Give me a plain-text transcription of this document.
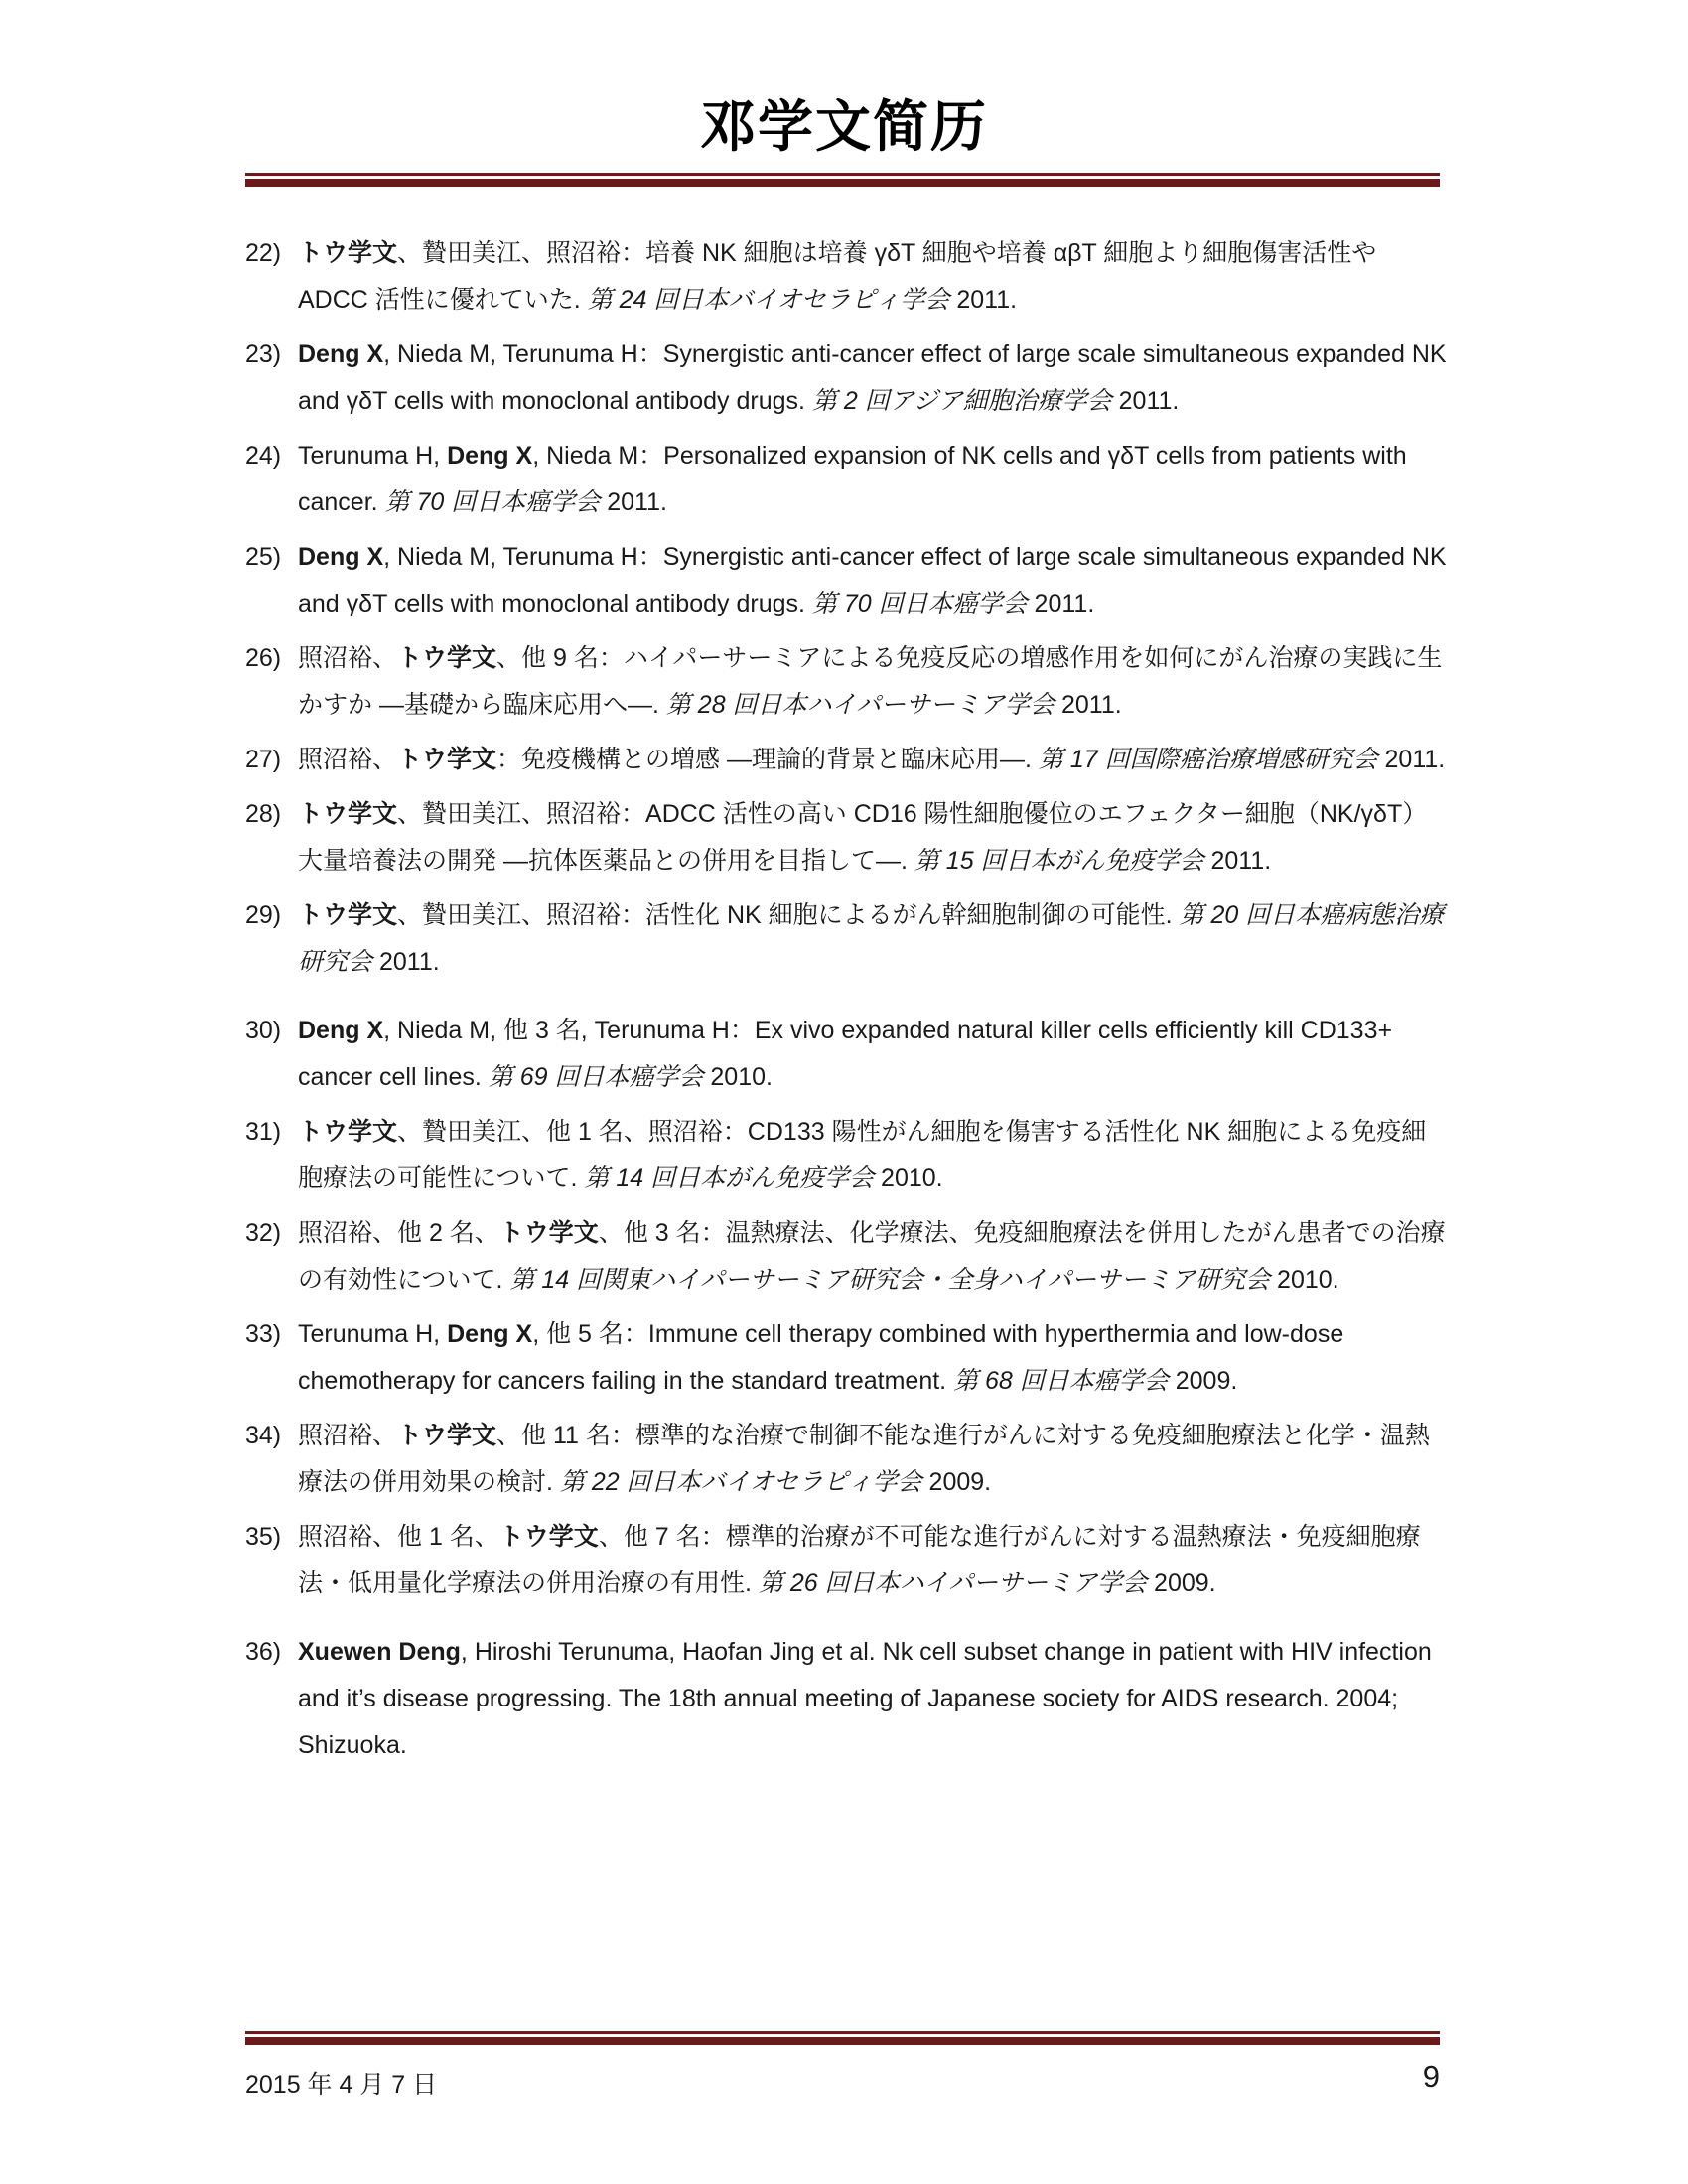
邓学文简历
22) トウ学文、贄田美江、照沼裕：培養 NK 細胞は培養 γδT 細胞や培養 αβT 細胞より細胞傷害活性や ADCC 活性に優れていた. 第 24 回日本バイオセラピィ学会 2011.
23) Deng X, Nieda M, Terunuma H：Synergistic anti-cancer effect of large scale simultaneous expanded NK and γδT cells with monoclonal antibody drugs. 第 2 回アジア細胞治療学会 2011.
24) Terunuma H, Deng X, Nieda M：Personalized expansion of NK cells and γδT cells from patients with cancer. 第 70 回日本癌学会 2011.
25) Deng X, Nieda M, Terunuma H：Synergistic anti-cancer effect of large scale simultaneous expanded NK and γδT cells with monoclonal antibody drugs. 第 70 回日本癌学会 2011.
26) 照沼裕、トウ学文、他 9 名：ハイパーサーミアによる免疫反応の増感作用を如何にがん治療の実践に生かすか ―基礎から臨床応用へ―. 第 28 回日本ハイパーサーミア学会 2011.
27) 照沼裕、トウ学文：免疫機構との増感 ―理論的背景と臨床応用―. 第 17 回国際癌治療増感研究会 2011.
28) トウ学文、贄田美江、照沼裕：ADCC 活性の高い CD16 陽性細胞優位のエフェクター細胞（NK/γδT）大量培養法の開発 ―抗体医薬品との併用を目指して―. 第 15 回日本がん免疫学会 2011.
29) トウ学文、贄田美江、照沼裕：活性化 NK 細胞によるがん幹細胞制御の可能性. 第 20 回日本癌病態治療研究会 2011.
30) Deng X, Nieda M, 他 3 名, Terunuma H：Ex vivo expanded natural killer cells efficiently kill CD133+ cancer cell lines. 第 69 回日本癌学会 2010.
31) トウ学文、贄田美江、他 1 名、照沼裕：CD133 陽性がん細胞を傷害する活性化 NK 細胞による免疫細胞療法の可能性について. 第 14 回日本がん免疫学会 2010.
32) 照沼裕、他 2 名、トウ学文、他 3 名：温熱療法、化学療法、免疫細胞療法を併用したがん患者での治療の有効性について. 第 14 回関東ハイパーサーミア研究会・全身ハイパーサーミア研究会 2010.
33) Terunuma H, Deng X, 他 5 名：Immune cell therapy combined with hyperthermia and low-dose chemotherapy for cancers failing in the standard treatment. 第 68 回日本癌学会 2009.
34) 照沼裕、トウ学文、他 11 名：標準的な治療で制御不能な進行がんに対する免疫細胞療法と化学・温熱療法の併用効果の検討. 第 22 回日本バイオセラピィ学会 2009.
35) 照沼裕、他 1 名、トウ学文、他 7 名：標準的治療が不可能な進行がんに対する温熱療法・免疫細胞療法・低用量化学療法の併用治療の有用性. 第 26 回日本ハイパーサーミア学会 2009.
36) Xuewen Deng, Hiroshi Terunuma, Haofan Jing et al. Nk cell subset change in patient with HIV infection and it’s disease progressing. The 18th annual meeting of Japanese society for AIDS research. 2004; Shizuoka.
2015 年 4 月 7 日	9
